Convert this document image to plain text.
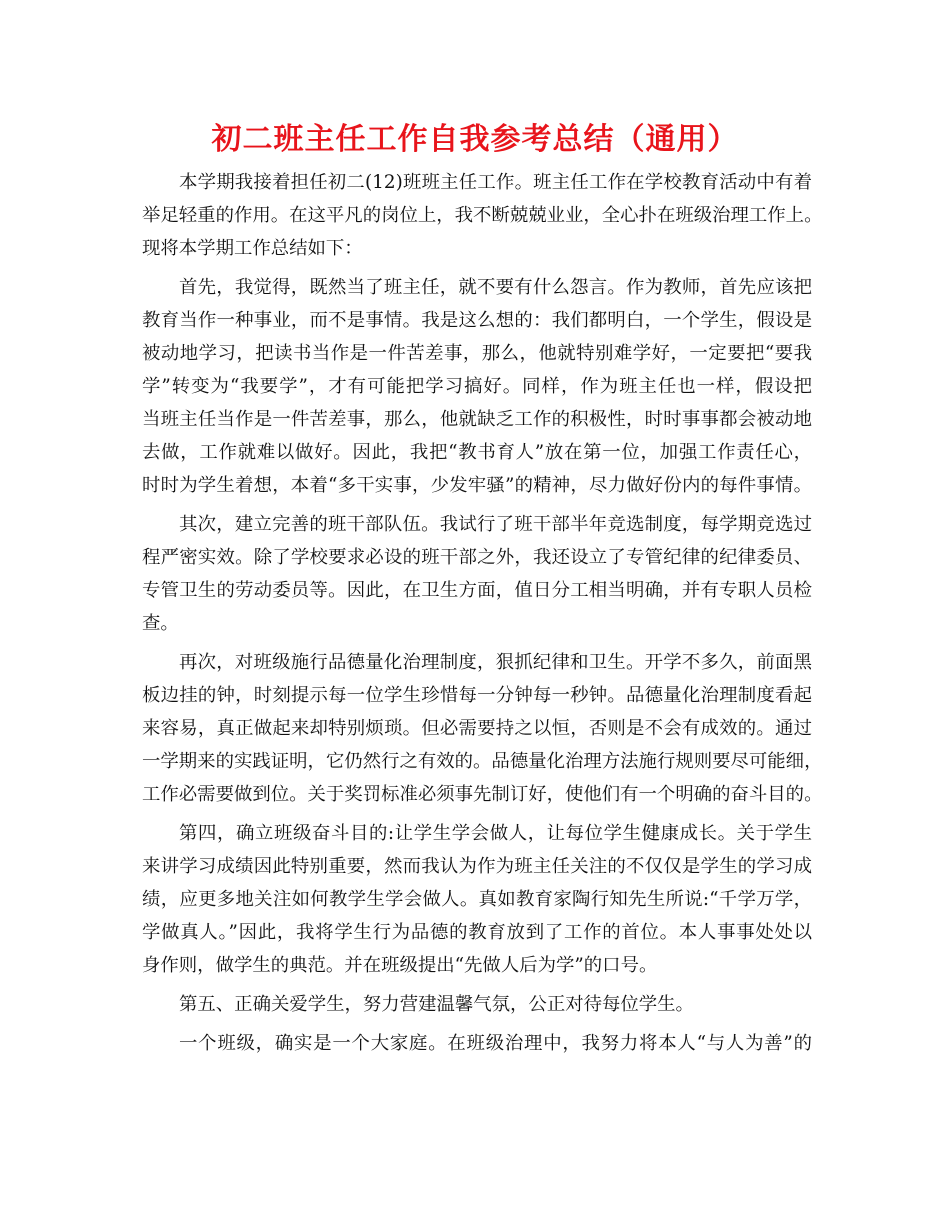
初二班主任工作自我参考总结（通用）
本学期我接着担任初二(12)班班主任工作。班主任工作在学校教育活动中有着
举足轻重的作用。在这平凡的岗位上，我不断兢兢业业，全心扑在班级治理工作上。
现将本学期工作总结如下：
首先，我觉得，既然当了班主任，就不要有什么怨言。作为教师，首先应该把
教育当作一种事业，而不是事情。我是这么想的：我们都明白，一个学生，假设是
被动地学习，把读书当作是一件苦差事，那么，他就特别难学好，一定要把“要我
学”转变为“我要学”，才有可能把学习搞好。同样，作为班主任也一样，假设把
当班主任当作是一件苦差事，那么，他就缺乏工作的积极性，时时事事都会被动地
去做，工作就难以做好。因此，我把“教书育人”放在第一位，加强工作责任心，
时时为学生着想，本着“多干实事，少发牢骚”的精神，尽力做好份内的每件事情。
其次，建立完善的班干部队伍。我试行了班干部半年竞选制度，每学期竞选过
程严密实效。除了学校要求必设的班干部之外，我还设立了专管纪律的纪律委员、
专管卫生的劳动委员等。因此，在卫生方面，值日分工相当明确，并有专职人员检
查。
再次，对班级施行品德量化治理制度，狠抓纪律和卫生。开学不多久，前面黑
板边挂的钟，时刻提示每一位学生珍惜每一分钟每一秒钟。品德量化治理制度看起
来容易，真正做起来却特别烦琐。但必需要持之以恒，否则是不会有成效的。通过
一学期来的实践证明，它仍然行之有效的。品德量化治理方法施行规则要尽可能细，
工作必需要做到位。关于奖罚标准必须事先制订好，使他们有一个明确的奋斗目的。
第四，确立班级奋斗目的:让学生学会做人，让每位学生健康成长。关于学生
来讲学习成绩因此特别重要，然而我认为作为班主任关注的不仅仅是学生的学习成
绩，应更多地关注如何教学生学会做人。真如教育家陶行知先生所说:“千学万学，
学做真人。”因此，我将学生行为品德的教育放到了工作的首位。本人事事处处以
身作则，做学生的典范。并在班级提出“先做人后为学”的口号。
第五、正确关爱学生，努力营建温馨气氛，公正对待每位学生。
一个班级，确实是一个大家庭。在班级治理中，我努力将本人“与人为善”的
